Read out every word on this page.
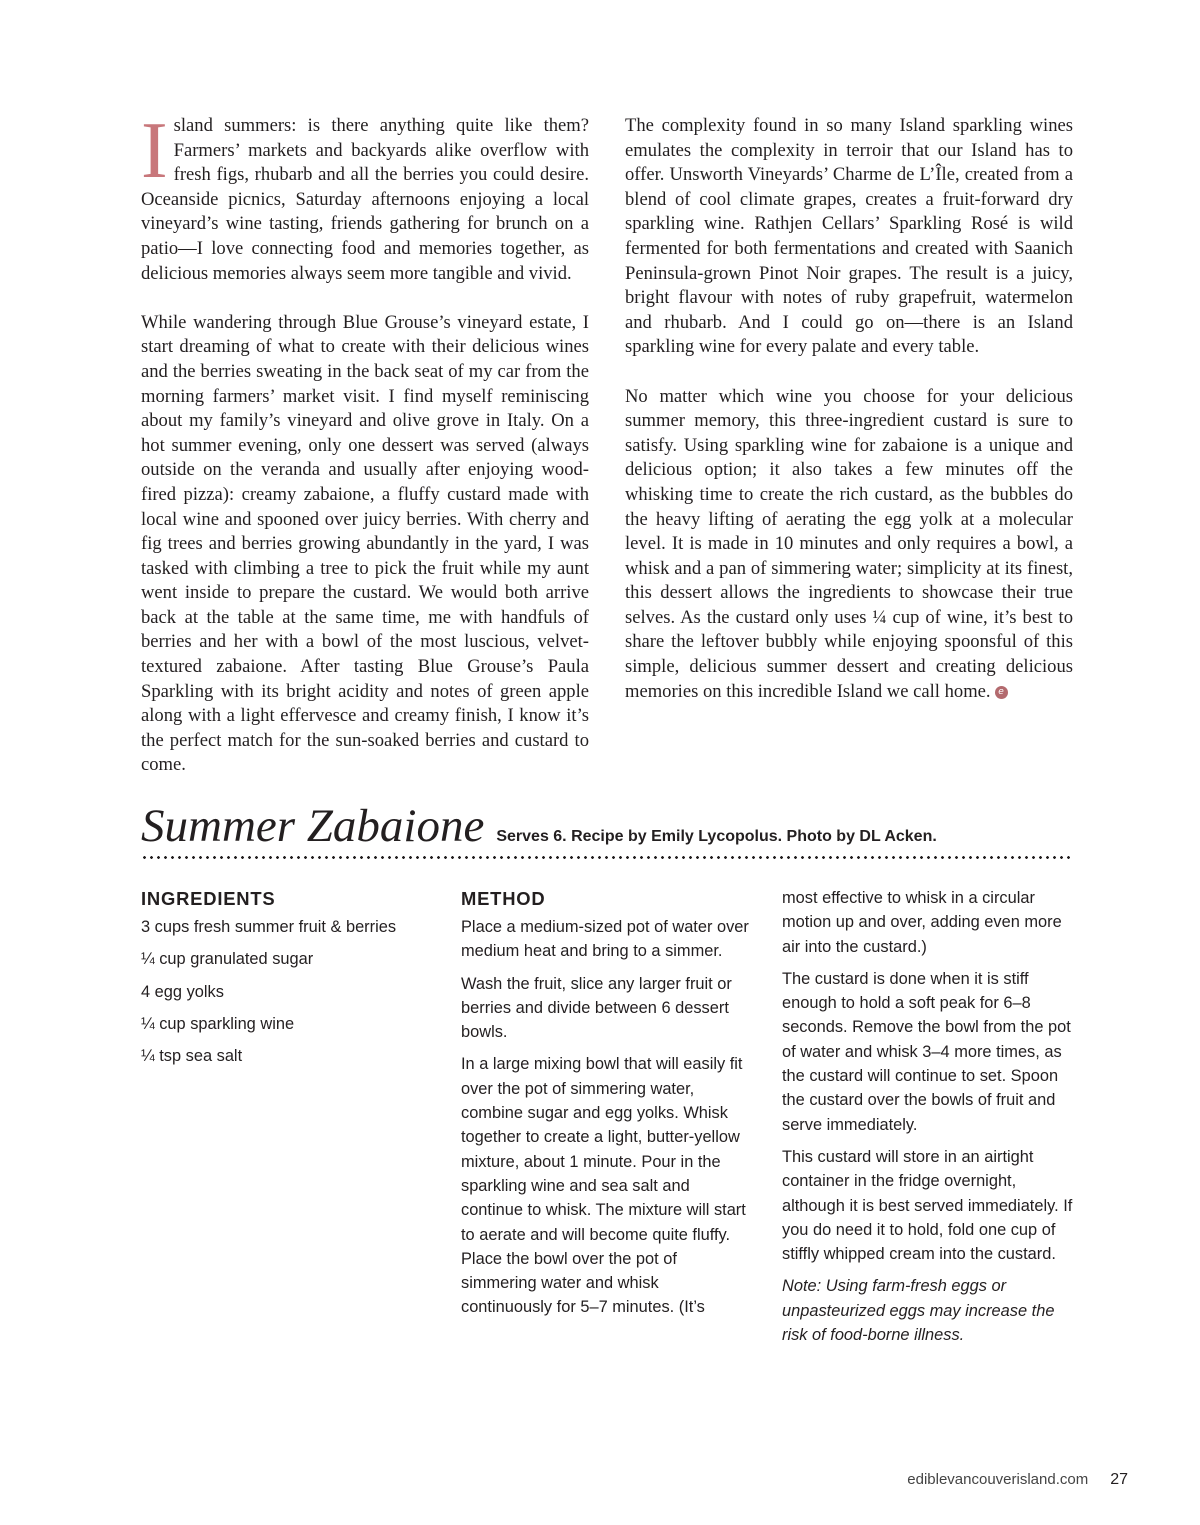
Island summers: is there anything quite like them? Farmers’ markets and backyards alike overflow with fresh figs, rhubarb and all the berries you could desire. Oceanside picnics, Saturday afternoons enjoying a local vineyard’s wine tasting, friends gathering for brunch on a patio—I love connecting food and memories together, as delicious memories always seem more tangible and vivid.

While wandering through Blue Grouse’s vineyard estate, I start dreaming of what to create with their delicious wines and the berries sweating in the back seat of my car from the morning farmers’ market visit. I find myself reminiscing about my family’s vineyard and olive grove in Italy. On a hot summer evening, only one dessert was served (always outside on the veranda and usually after enjoying wood-fired pizza): creamy zabaione, a fluffy custard made with local wine and spooned over juicy berries. With cherry and fig trees and berries growing abundantly in the yard, I was tasked with climbing a tree to pick the fruit while my aunt went inside to prepare the custard. We would both arrive back at the table at the same time, me with handfuls of berries and her with a bowl of the most luscious, velvet-textured zabaione. After tasting Blue Grouse’s Paula Sparkling with its bright acidity and notes of green apple along with a light effervesce and creamy finish, I know it’s the perfect match for the sun-soaked berries and custard to come.

The complexity found in so many Island sparkling wines emulates the complexity in terroir that our Island has to offer. Unsworth Vineyards’ Charme de L’Île, created from a blend of cool climate grapes, creates a fruit-forward dry sparkling wine. Rathjen Cellars’ Sparkling Rosé is wild fermented for both fermentations and created with Saanich Peninsula-grown Pinot Noir grapes. The result is a juicy, bright flavour with notes of ruby grapefruit, watermelon and rhubarb. And I could go on—there is an Island sparkling wine for every palate and every table.

No matter which wine you choose for your delicious summer memory, this three-ingredient custard is sure to satisfy. Using sparkling wine for zabaione is a unique and delicious option; it also takes a few minutes off the whisking time to create the rich custard, as the bubbles do the heavy lifting of aerating the egg yolk at a molecular level. It is made in 10 minutes and only requires a bowl, a whisk and a pan of simmering water; simplicity at its finest, this dessert allows the ingredients to showcase their true selves. As the custard only uses ¼ cup of wine, it’s best to share the leftover bubbly while enjoying spoonsful of this simple, delicious summer dessert and creating delicious memories on this incredible Island we call home. e

Summer Zabaione Serves 6. Recipe by Emily Lycopolus. Photo by DL Acken.
INGREDIENTS

3 cups fresh summer fruit & berries

¼ cup granulated sugar

4 egg yolks

¼ cup sparkling wine

¼ tsp sea salt

METHOD

Place a medium-sized pot of water over medium heat and bring to a simmer.

Wash the fruit, slice any larger fruit or berries and divide between 6 dessert bowls.

In a large mixing bowl that will easily fit over the pot of simmering water, combine sugar and egg yolks. Whisk together to create a light, butter-yellow mixture, about 1 minute. Pour in the sparkling wine and sea salt and continue to whisk. The mixture will start to aerate and will become quite fluffy. Place the bowl over the pot of simmering water and whisk continuously for 5–7 minutes. (It’s

most effective to whisk in a circular motion up and over, adding even more air into the custard.)

The custard is done when it is stiff enough to hold a soft peak for 6–8 seconds. Remove the bowl from the pot of water and whisk 3–4 more times, as the custard will continue to set. Spoon the custard over the bowls of fruit and serve immediately.

This custard will store in an airtight container in the fridge overnight, although it is best served immediately. If you do need it to hold, fold one cup of stiffly whipped cream into the custard.

Note: Using farm-fresh eggs or unpasteurized eggs may increase the risk of food-borne illness.

ediblevancouverisland.com 27
